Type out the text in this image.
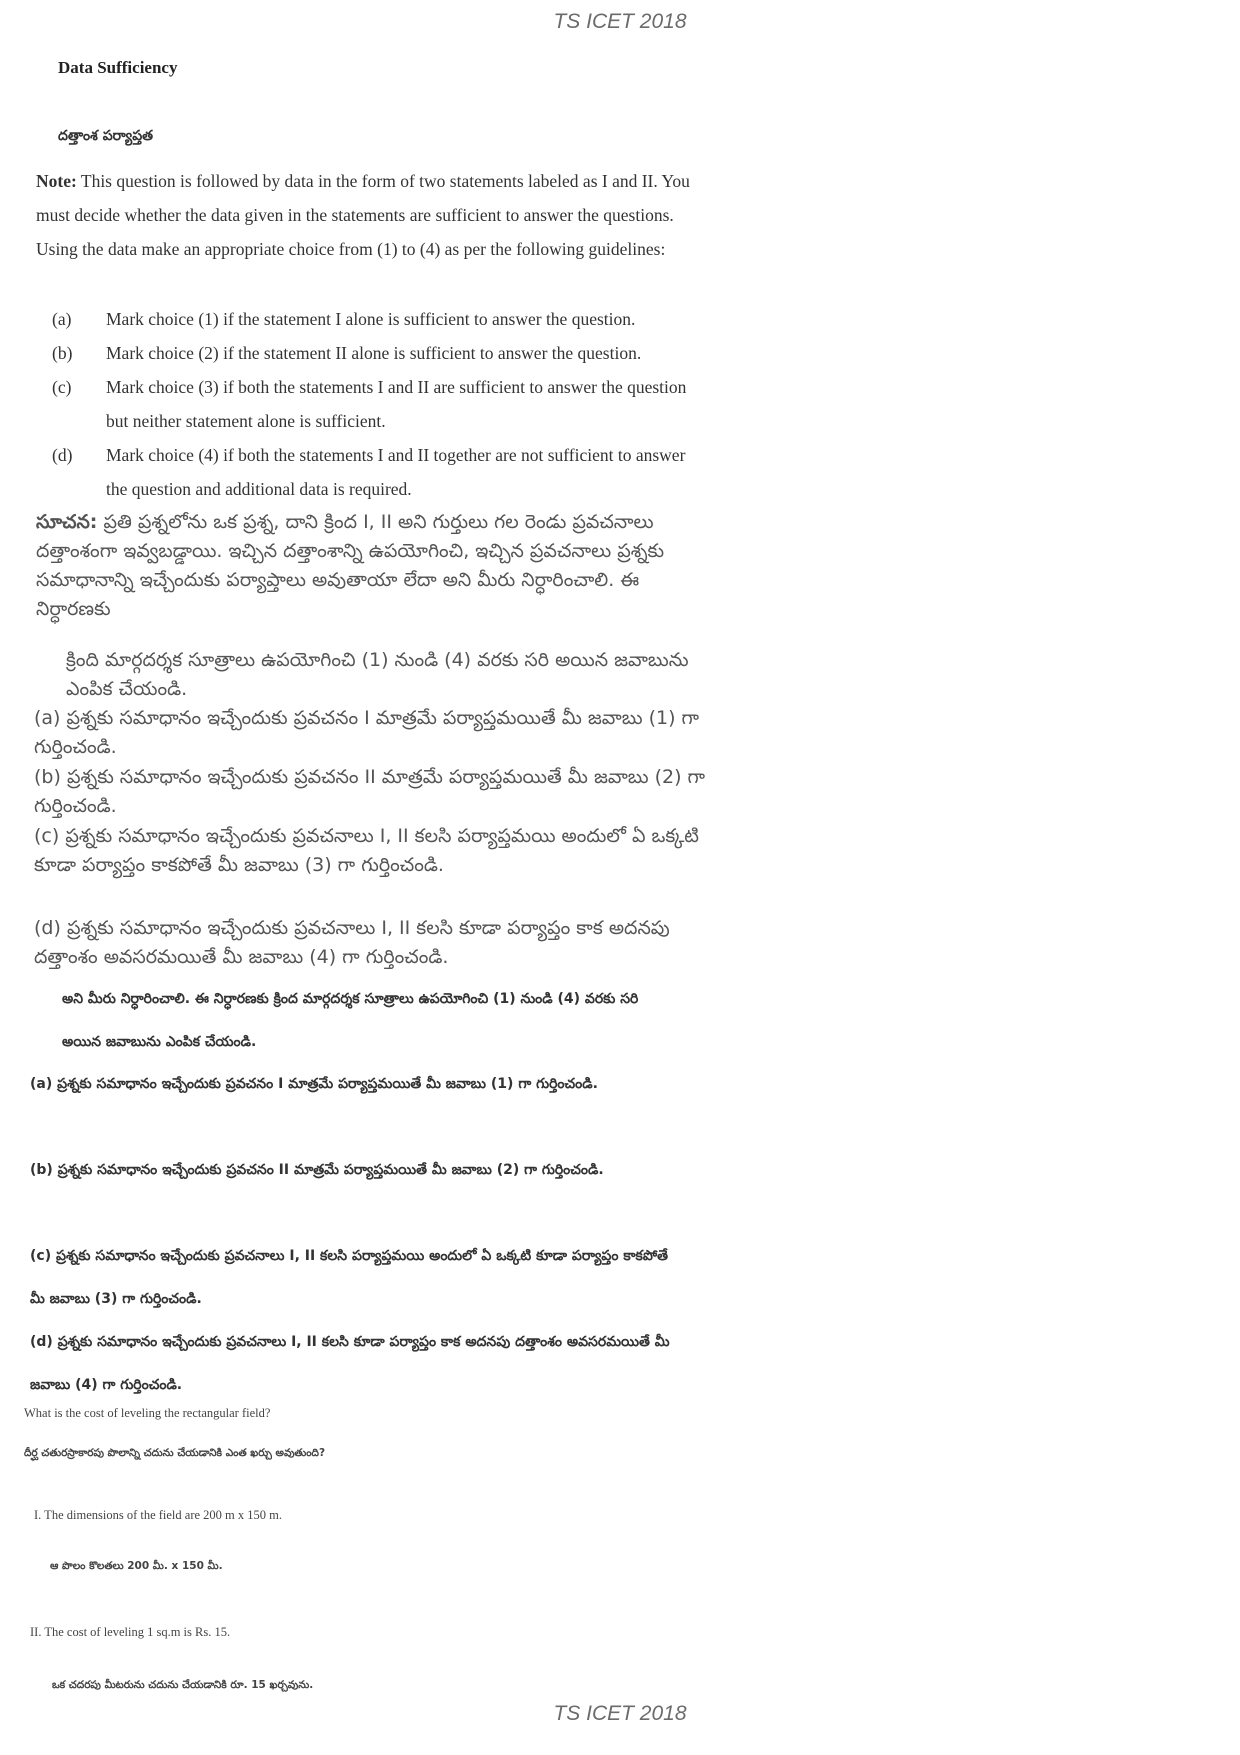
TS ICET 2018
Data Sufficiency
దత్తాంశ పర్యాప్తత
Note: This question is followed by data in the form of two statements labeled as I and II. You must decide whether the data given in the statements are sufficient to answer the questions. Using the data make an appropriate choice from (1) to (4) as per the following guidelines:
(a)	Mark choice (1) if the statement I alone is sufficient to answer the question.
(b)	Mark choice (2) if the statement II alone is sufficient to answer the question.
(c)	Mark choice (3) if both the statements I and II are sufficient to answer the question but neither statement alone is sufficient.
(d)	Mark choice (4) if both the statements I and II together are not sufficient to answer the question and additional data is required.
సూచన: ప్రతి ప్రశ్నలోను ఒక ప్రశ్న, దాని క్రింద I, II అని గుర్తులు గల రెండు ప్రవచనాలు దత్తాంశంగా ఇవ్వబడ్డాయి. ఇచ్చిన దత్తాంశాన్ని ఉపయోగించి, ఇచ్చిన ప్రవచనాలు ప్రశ్నకు సమాధానాన్ని ఇచ్చేందుకు పర్యాప్తాలు అవుతాయా లేదా అని మీరు నిర్ధారించాలి. ఈ నిర్ధారణకు
క్రింది మార్గదర్శక సూత్రాలు ఉపయోగించి (1) నుండి (4) వరకు సరి అయిన జవాబును ఎంపిక చేయండి.
(a) ప్రశ్నకు సమాధానం ఇచ్చేందుకు ప్రవచనం I మాత్రమే పర్యాప్తమయితే మీ జవాబు (1) గా గుర్తించండి.
(b) ప్రశ్నకు సమాధానం ఇచ్చేందుకు ప్రవచనం II మాత్రమే పర్యాప్తమయితే మీ జవాబు (2) గా గుర్తించండి.
(c) ప్రశ్నకు సమాధానం ఇచ్చేందుకు ప్రవచనాలు I, II కలసి పర్యాప్తమయి అందులో ఏ ఒక్కటి కూడా పర్యాప్తం కాకపోతే మీ జవాబు (3) గా గుర్తించండి.
(d) ప్రశ్నకు సమాధానం ఇచ్చేందుకు ప్రవచనాలు I, II కలసి కూడా పర్యాప్తం కాక అదనపు దత్తాంశం అవసరమయితే మీ జవాబు (4) గా గుర్తించండి.
అని మీరు నిర్ధారించాలి. ఈ నిర్ధారణకు క్రింద మార్గదర్శక సూత్రాలు ఉపయోగించి (1) నుండి (4) వరకు సరి అయిన జవాబును ఎంపిక చేయండి.
(a) ప్రశ్నకు సమాధానం ఇచ్చేందుకు ప్రవచనం I మాత్రమే పర్యాప్తమయితే మీ జవాబు (1) గా గుర్తించండి.
(b) ప్రశ్నకు సమాధానం ఇచ్చేందుకు ప్రవచనం II మాత్రమే పర్యాప్తమయితే మీ జవాబు (2) గా గుర్తించండి.
(c) ప్రశ్నకు సమాధానం ఇచ్చేందుకు ప్రవచనాలు I, II కలసి పర్యాప్తమయి అందులో ఏ ఒక్కటి కూడా పర్యాప్తం కాకపోతే మీ జవాబు (3) గా గుర్తించండి.
(d) ప్రశ్నకు సమాధానం ఇచ్చేందుకు ప్రవచనాలు I, II కలసి కూడా పర్యాప్తం కాక అదనపు దత్తాంశం అవసరమయితే మీ జవాబు (4) గా గుర్తించండి.
What is the cost of leveling the rectangular field?
దీర్ఘ చతురస్రాకారపు పొలాన్ని చదును చేయడానికి ఎంత ఖర్చు అవుతుంది?
I. The dimensions of the field are 200 m x 150 m.
ఆ పొలం కొలతలు 200 మీ. x 150 మీ.
II. The cost of leveling 1 sq.m is Rs. 15.
ఒక చదరపు మీటరును చదును చేయడానికి రూ. 15 ఖర్చవును.
TS ICET 2018
